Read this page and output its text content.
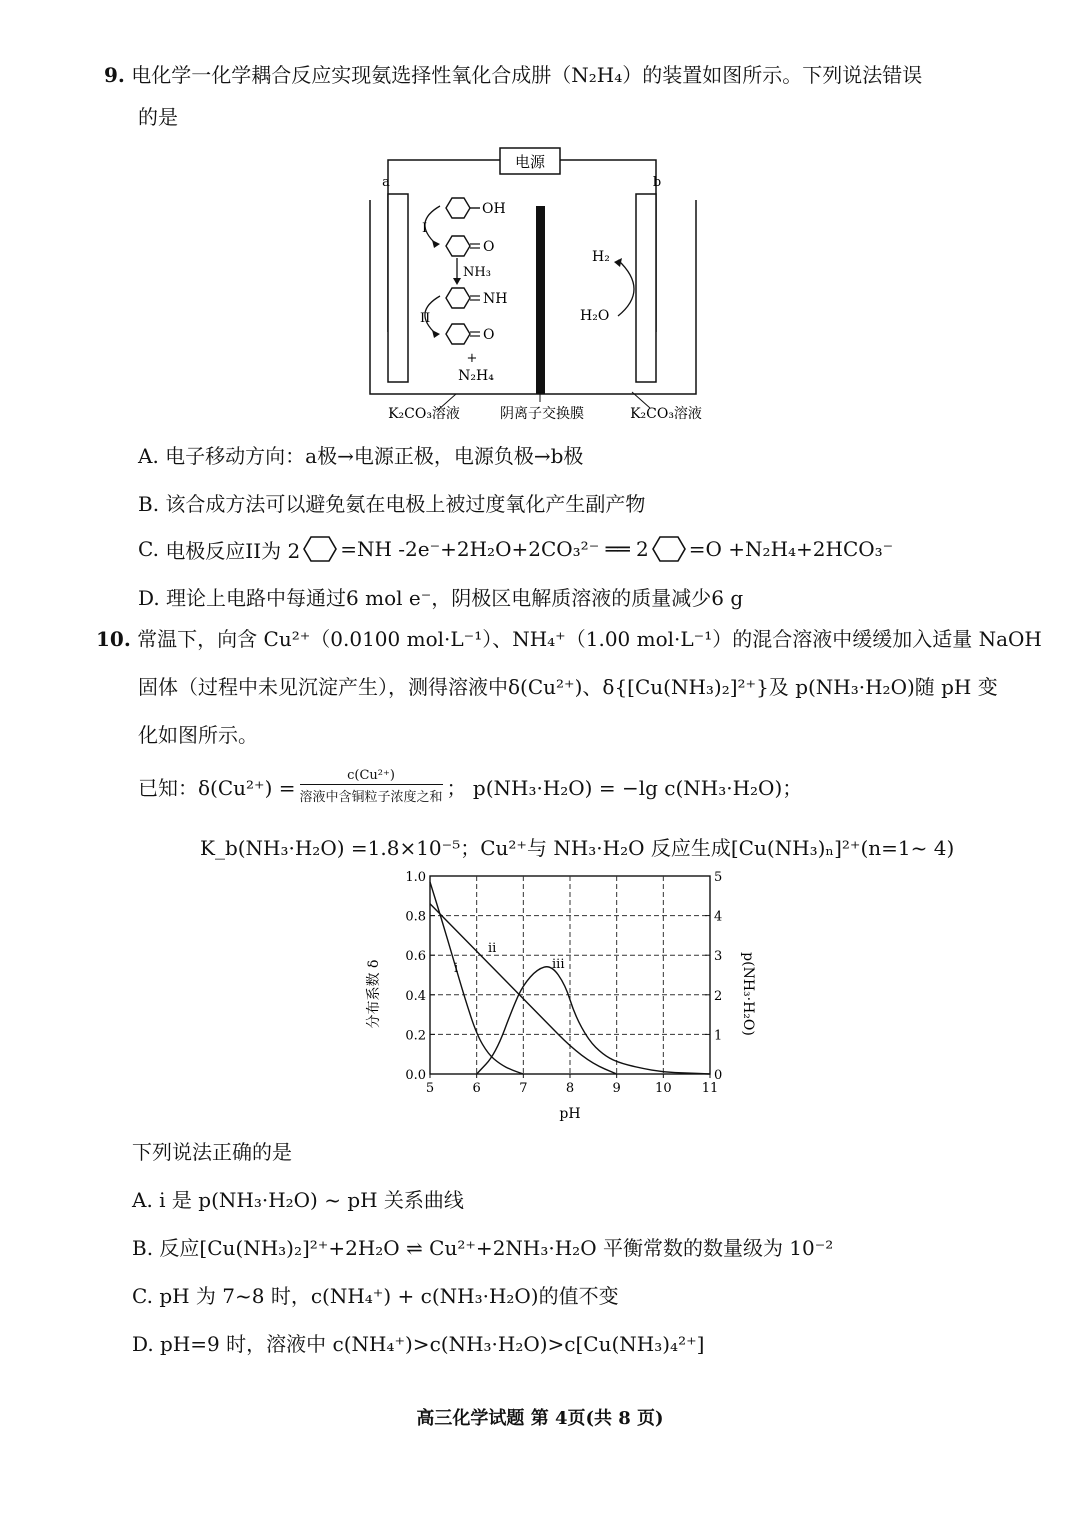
9. 电化学一化学耦合反应实现氨选择性氧化合成肼（N₂H₄）的装置如图所示。下列说法错误
的是
电源
a	b
OH
O
NH₃
NH
O
+
N₂H₄
I
II
H₂
H₂O
K₂CO₃溶液	阴离子交换膜	K₂CO₃溶液
A. 电子移动方向：a极→电源正极，电源负极→b极
B. 该合成方法可以避免氨在电极上被过度氧化产生副产物
C.
电极反应II为 2 =NH -2e⁻+2H₂O+2CO₃²⁻ ══ 2 =O +N₂H₄+2HCO₃⁻
D. 理论上电路中每通过6 mol e⁻，阴极区电解质溶液的质量减少6 g
10. 常温下，向含 Cu²⁺（0.0100 mol·L⁻¹）、NH₄⁺（1.00 mol·L⁻¹）的混合溶液中缓缓加入适量 NaOH
固体（过程中未见沉淀产生），测得溶液中δ(Cu²⁺)、δ{[Cu(NH₃)₂]²⁺}及 p(NH₃·H₂O)随 pH 变
化如图所示。
已知：$\delta(Cu^{2+}) = \frac{\text{c(Cu²⁺)}}{\text{溶液中含铜粒子浓度之和}}$ ； p(NH₃·H₂O) = −lg c(NH₃·H₂O)；
K_b(NH₃·H₂O) =1.8×10⁻⁵；Cu²⁺与 NH₃·H₂O 反应生成[Cu(NH₃)ₙ]²⁺(n=1~ 4)
5	6	7	8	9	10 11
0.0
0.2
0.4
0.6
0.8
1.0
0
1
2
3
4
5
分布系数 δ	p(NH₃·H₂O)
pH
i
ii
iii
下列说法正确的是
A. i 是 p(NH₃·H₂O) ~ pH 关系曲线
B. 反应[Cu(NH₃)₂]²⁺+2H₂O ⇌ Cu²⁺+2NH₃·H₂O 平衡常数的数量级为 10⁻²
C. pH 为 7~8 时，c(NH₄⁺) + c(NH₃·H₂O)的值不变
D. pH=9 时，溶液中 c(NH₄⁺)>c(NH₃·H₂O)>c[Cu(NH₃)₄²⁺]
高三化学试题 第 4页(共 8 页)
